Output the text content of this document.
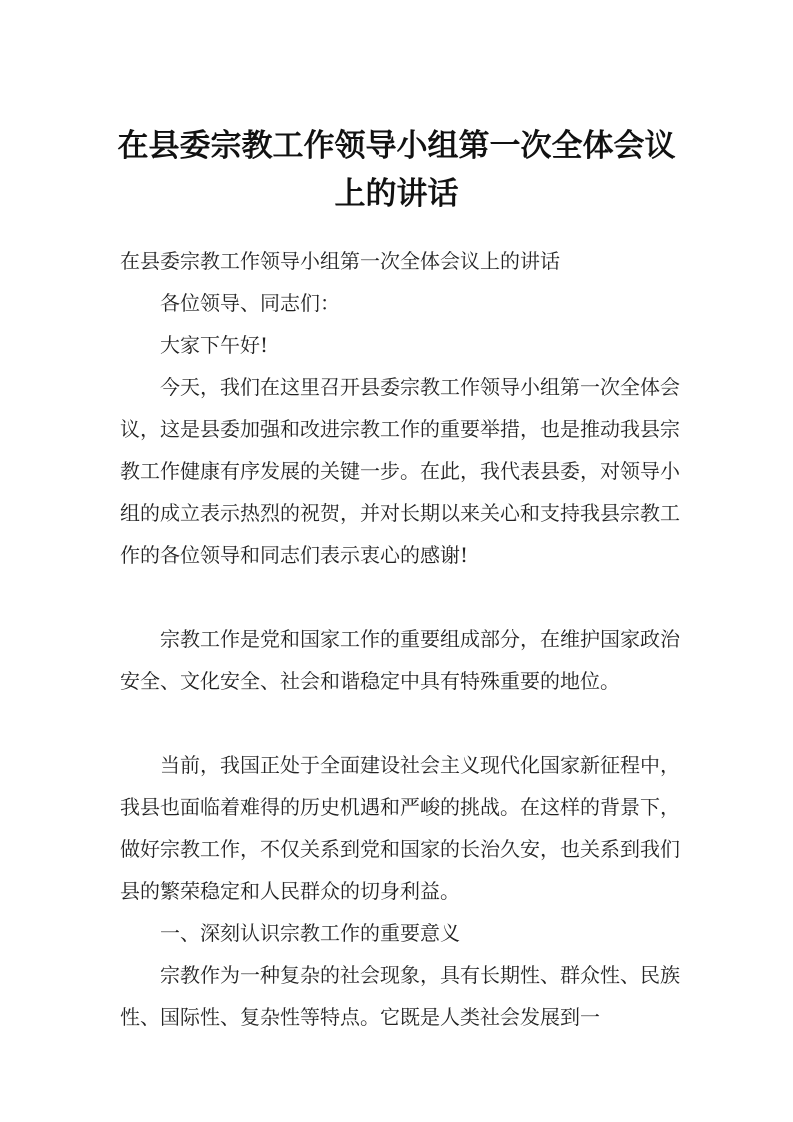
在县委宗教工作领导小组第一次全体会议
上的讲话

在县委宗教工作领导小组第一次全体会议上的讲话

各位领导、同志们：

大家下午好!

今天，我们在这里召开县委宗教工作领导小组第一次全体会议，这是县委加强和改进宗教工作的重要举措，也是推动我县宗教工作健康有序发展的关键一步。在此，我代表县委，对领导小组的成立表示热烈的祝贺，并对长期以来关心和支持我县宗教工作的各位领导和同志们表示衷心的感谢!

宗教工作是党和国家工作的重要组成部分，在维护国家政治安全、文化安全、社会和谐稳定中具有特殊重要的地位。

当前，我国正处于全面建设社会主义现代化国家新征程中，我县也面临着难得的历史机遇和严峻的挑战。在这样的背景下，做好宗教工作，不仅关系到党和国家的长治久安，也关系到我们县的繁荣稳定和人民群众的切身利益。

一、深刻认识宗教工作的重要意义

宗教作为一种复杂的社会现象，具有长期性、群众性、民族性、国际性、复杂性等特点。它既是人类社会发展到一
